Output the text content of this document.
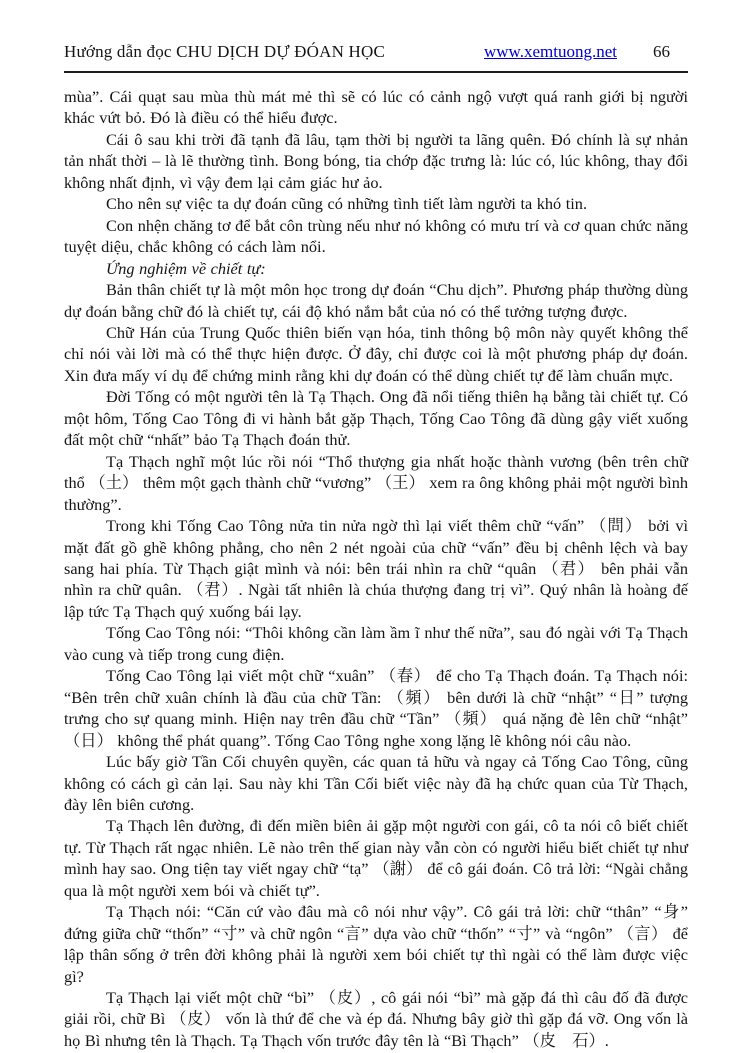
Hướng dẫn đọc CHU DỊCH DỰ ĐÓAN HỌC	www.xemtuong.net 66

mùa”. Cái quạt sau mùa thù mát mẻ thì sẽ có lúc có cảnh ngộ vượt quá ranh giới bị người khác vứt bỏ. Đó là điều có thể hiểu được.

Cái ô sau khi trời đã tạnh đã lâu, tạm thời bị người ta lãng quên. Đó chính là sự nhản tản nhất thời – là lẽ thường tình. Bong bóng, tia chớp đặc trưng là: lúc có, lúc không, thay đổi không nhất định, vì vậy đem lại cảm giác hư ảo.

Cho nên sự việc ta dự đoán cũng có những tình tiết làm người ta khó tin.

Con nhện chăng tơ để bắt côn trùng nếu như nó không có mưu trí và cơ quan chức năng tuyệt diệu, chắc không có cách làm nổi.

Ứng nghiệm về chiết tự:

Bản thân chiết tự là một môn học trong dự đoán “Chu dịch”. Phương pháp thường dùng dự đoán bằng chữ đó là chiết tự, cái độ khó nắm bắt của nó có thể tưởng tượng được.

Chữ Hán của Trung Quốc thiên biến vạn hóa, tinh thông bộ môn này quyết không thể chỉ nói vài lời mà có thể thực hiện được. Ở đây, chỉ được coi là một phương pháp dự đoán. Xin đưa mấy ví dụ để chứng minh rằng khi dự đoán có thể dùng chiết tự để làm chuẩn mực.

Đời Tống có một người tên là Tạ Thạch. Ong đã nổi tiếng thiên hạ bằng tài chiết tự. Có một hôm, Tống Cao Tông đi vi hành bắt gặp Thạch, Tống Cao Tông đã dùng gậy viết xuống đất một chữ “nhất” bảo Tạ Thạch đoán thử.

Tạ Thạch nghĩ một lúc rồi nói “Thổ thượng gia nhất hoặc thành vương (bên trên chữ thổ （土） thêm một gạch thành chữ “vương” （王） xem ra ông không phải một người bình thường”.

Trong khi Tống Cao Tông nửa tin nửa ngờ thì lại viết thêm chữ “vấn” （問） bởi vì mặt đất gồ ghề không phẳng, cho nên 2 nét ngoài của chữ “vấn” đều bị chênh lệch và bay sang hai phía. Từ Thạch giật mình và nói: bên trái nhìn ra chữ “quân （君） bên phải vẫn nhìn ra chữ quân. （君）. Ngài tất nhiên là chúa thượng đang trị vì”. Quý nhân là hoàng đế lập tức Tạ Thạch quý xuống bái lạy.

Tống Cao Tông nói: “Thôi không cần làm ầm ĩ như thế nữa”, sau đó ngài với Tạ Thạch vào cung và tiếp trong cung điện.

Tống Cao Tông lại viết một chữ “xuân” （春） để cho Tạ Thạch đoán. Tạ Thạch nói: “Bên trên chữ xuân chính là đầu của chữ Tần: （頻） bên dưới là chữ “nhật” “日” tượng trưng cho sự quang minh. Hiện nay trên đầu chữ “Tần” （頻） quá nặng đè lên chữ “nhật” （日） không thể phát quang”. Tống Cao Tông nghe xong lặng lẽ không nói câu nào.

Lúc bấy giờ Tần Cối chuyên quyền, các quan tả hữu và ngay cả Tống Cao Tông, cũng không có cách gì cản lại. Sau này khi Tần Cối biết việc này đã hạ chức quan của Từ Thạch, đày lên biên cương.

Tạ Thạch lên đường, đi đến miền biên ải gặp một người con gái, cô ta nói cô biết chiết tự. Từ Thạch rất ngạc nhiên. Lẽ nào trên thế gian này vẫn còn có người hiểu biết chiết tự như mình hay sao. Ong tiện tay viết ngay chữ “tạ” （謝） để cô gái đoán. Cô trả lời: “Ngài chẳng qua là một người xem bói và chiết tự”.

Tạ Thạch nói: “Căn cứ vào đâu mà cô nói như vậy”. Cô gái trả lời: chữ “thân” “身” đứng giữa chữ “thốn” “寸” và chữ ngôn “言” dựa vào chữ “thốn” “寸” và “ngôn” （言） để lập thân sống ở trên đời không phải là người xem bói chiết tự thì ngài có thể làm được việc gì?

Tạ Thạch lại viết một chữ “bì” （皮）, cô gái nói “bì” mà gặp đá thì câu đố đã được giải rồi, chữ Bì （皮） vốn là thứ để che và ép đá. Nhưng bây giờ thì gặp đá vỡ. Ong vốn là họ Bì nhưng tên là Thạch. Tạ Thạch vốn trước đây tên là “Bì Thạch” （皮　石）.
